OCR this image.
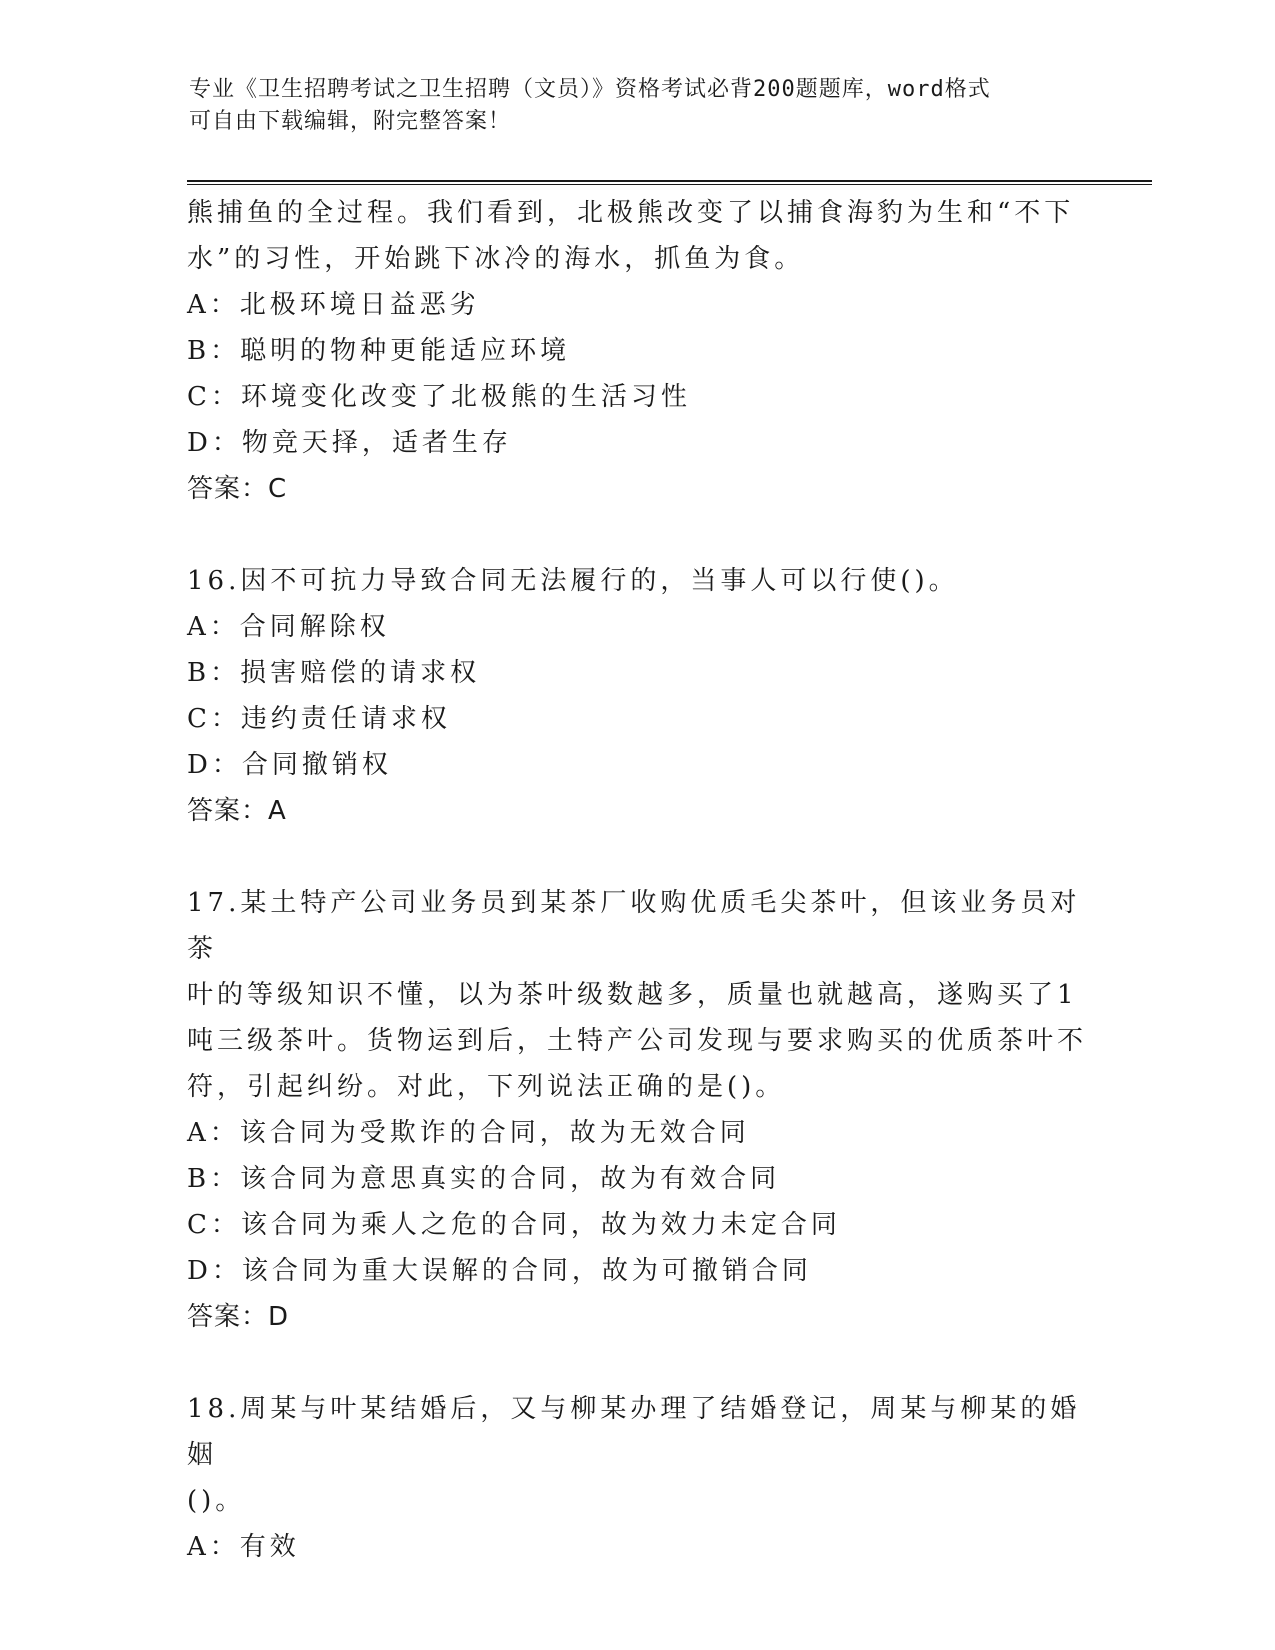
专业《卫生招聘考试之卫生招聘（文员）》资格考试必背200题题库，word格式
可自由下载编辑，附完整答案！

熊捕鱼的全过程。我们看到，北极熊改变了以捕食海豹为生和“不下

水”的习性，开始跳下冰冷的海水，抓鱼为食。

A：北极环境日益恶劣

B：聪明的物种更能适应环境

C：环境变化改变了北极熊的生活习性

D：物竞天择，适者生存

答案：C

16.因不可抗力导致合同无法履行的，当事人可以行使()。

A：合同解除权

B：损害赔偿的请求权

C：违约责任请求权

D：合同撤销权

答案：A

17.某土特产公司业务员到某茶厂收购优质毛尖茶叶，但该业务员对茶

叶的等级知识不懂，以为茶叶级数越多，质量也就越高，遂购买了1

吨三级茶叶。货物运到后，土特产公司发现与要求购买的优质茶叶不

符，引起纠纷。对此，下列说法正确的是()。

A：该合同为受欺诈的合同，故为无效合同

B：该合同为意思真实的合同，故为有效合同

C：该合同为乘人之危的合同，故为效力未定合同

D：该合同为重大误解的合同，故为可撤销合同

答案：D

18.周某与叶某结婚后，又与柳某办理了结婚登记，周某与柳某的婚姻

()。

A：有效
